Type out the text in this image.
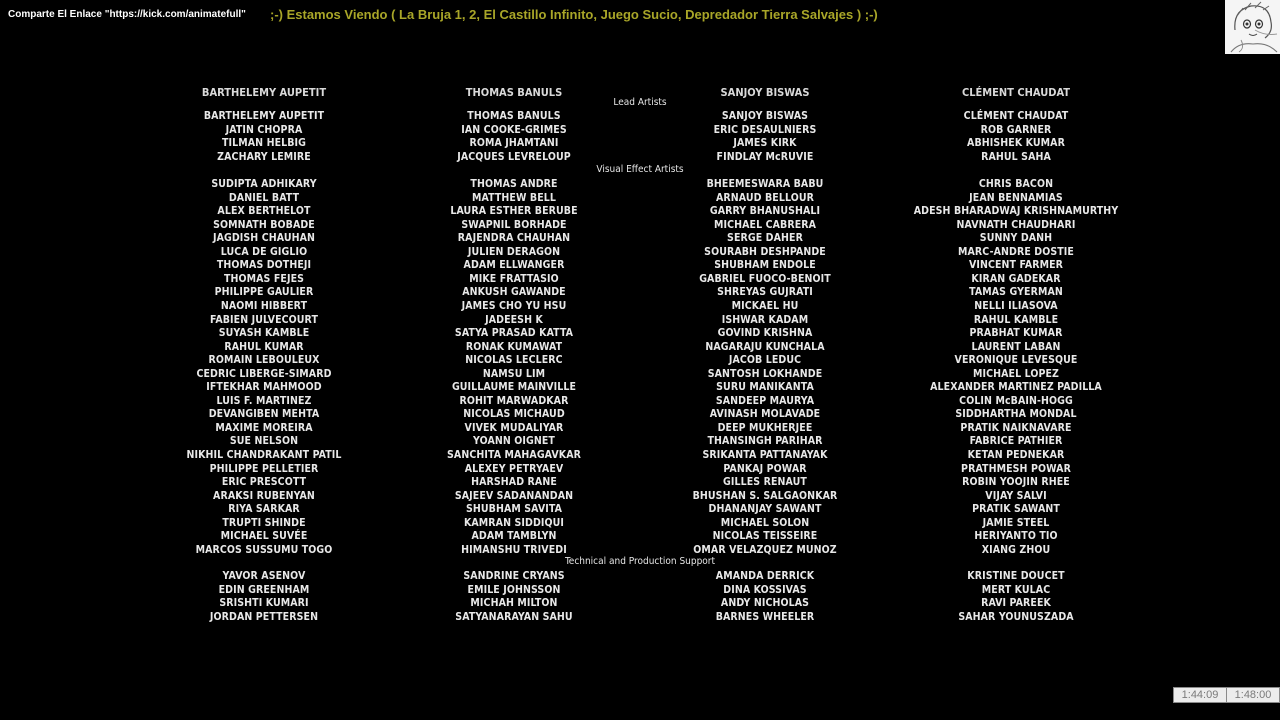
Comparte El Enlace "https://kick.com/animatefull" ;-) Estamos Viendo ( La Bruja 1, 2, El Castillo Infinito, Juego Sucio, Depredador Tierra Salvajes ) ;-)
BARTHELEMY AUPETIT	THOMAS BANULS	SANJOY BISWAS	CLÉMENT CHAUDAT
Lead Artists
BARTHELEMY AUPETIT	THOMAS BANULS	SANJOY BISWAS	CLÉMENT CHAUDAT
JATIN CHOPRA	IAN COOKE-GRIMES	ERIC DESAULNIERS	ROB GARNER
TILMAN HELBIG	ROMA JHAMTANI	JAMES KIRK	ABHISHEK KUMAR
ZACHARY LEMIRE	JACQUES LEVRELOUP	FINDLAY McRUVIE	RAHUL SAHA
Visual Effect Artists
SUDIPTA ADHIKARY	THOMAS ANDRE	BHEEMESWARA BABU	CHRIS BACON
DANIEL BATT	MATTHEW BELL	ARNAUD BELLOUR	JEAN BENNAMIAS
ALEX BERTHELOT	LAURA ESTHER BERUBE	GARRY BHANUSHALI	ADESH BHARADWAJ KRISHNAMURTHY
SOMNATH BOBADE	SWAPNIL BORHADE	MICHAEL CABRERA	NAVNATH CHAUDHARI
JAGDISH CHAUHAN	RAJENDRA CHAUHAN	SERGE DAHER	SUNNY DANH
LUCA DE GIGLIO	JULIEN DERAGON	SOURABH DESHPANDE	MARC-ANDRE DOSTIE
THOMAS DOTHEJI	ADAM ELLWANGER	SHUBHAM ENDOLE	VINCENT FARMER
THOMAS FEJES	MIKE FRATTASIO	GABRIEL FUOCO-BENOIT	KIRAN GADEKAR
PHILIPPE GAULIER	ANKUSH GAWANDE	SHREYAS GUJRATI	TAMAS GYERMAN
NAOMI HIBBERT	JAMES CHO YU HSU	MICKAEL HU	NELLI ILIASOVA
FABIEN JULVECOURT	JADEESH K	ISHWAR KADAM	RAHUL KAMBLE
SUYASH KAMBLE	SATYA PRASAD KATTA	GOVIND KRISHNA	PRABHAT KUMAR
RAHUL KUMAR	RONAK KUMAWAT	NAGARAJU KUNCHALA	LAURENT LABAN
ROMAIN LEBOULEUX	NICOLAS LECLERC	JACOB LEDUC	VERONIQUE LEVESQUE
CEDRIC LIBERGE-SIMARD	NAMSU LIM	SANTOSH LOKHANDE	MICHAEL LOPEZ
IFTEKHAR MAHMOOD	GUILLAUME MAINVILLE	SURU MANIKANTA	ALEXANDER MARTINEZ PADILLA
LUIS F. MARTINEZ	ROHIT MARWADKAR	SANDEEP MAURYA	COLIN McBAIN-HOGG
DEVANGIBEN MEHTA	NICOLAS MICHAUD	AVINASH MOLAVADE	SIDDHARTHA MONDAL
MAXIME MOREIRA	VIVEK MUDALIYAR	DEEP MUKHERJEE	PRATIK NAIKNAVARE
SUE NELSON	YOANN OIGNET	THANSINGH PARIHAR	FABRICE PATHIER
NIKHIL CHANDRAKANT PATIL	SANCHITA MAHAGAVKAR	SRIKANTA PATTANAYAK	KETAN PEDNEKAR
PHILIPPE PELLETIER	ALEXEY PETRYAEV	PANKAJ POWAR	PRATHMESH POWAR
ERIC PRESCOTT	HARSHAD RANE	GILLES RENAUT	ROBIN YOOJIN RHEE
ARAKSI RUBENYAN	SAJEEV SADANANDAN	BHUSHAN S. SALGAONKAR	VIJAY SALVI
RIYA SARKAR	SHUBHAM SAVITA	DHANANJAY SAWANT	PRATIK SAWANT
TRUPTI SHINDE	KAMRAN SIDDIQUI	MICHAEL SOLON	JAMIE STEEL
MICHAEL SUVÉE	ADAM TAMBLYN	NICOLAS TEISSEIRE	HERIYANTO TIO
MARCOS SUSSUMU TOGO	HIMANSHU TRIVEDI	OMAR VELAZQUEZ MUNOZ	XIANG ZHOU
Technical and Production Support
YAVOR ASENOV	SANDRINE CRYANS	AMANDA DERRICK	KRISTINE DOUCET
EDIN GREENHAM	EMILE JOHNSSON	DINA KOSSIVAS	MERT KULAC
SRISHTI KUMARI	MICHAH MILTON	ANDY NICHOLAS	RAVI PAREEK
JORDAN PETTERSEN	SATYANARAYAN SAHU	BARNES WHEELER	SAHAR YOUNUSZADA
1:44:09	1:48:00
